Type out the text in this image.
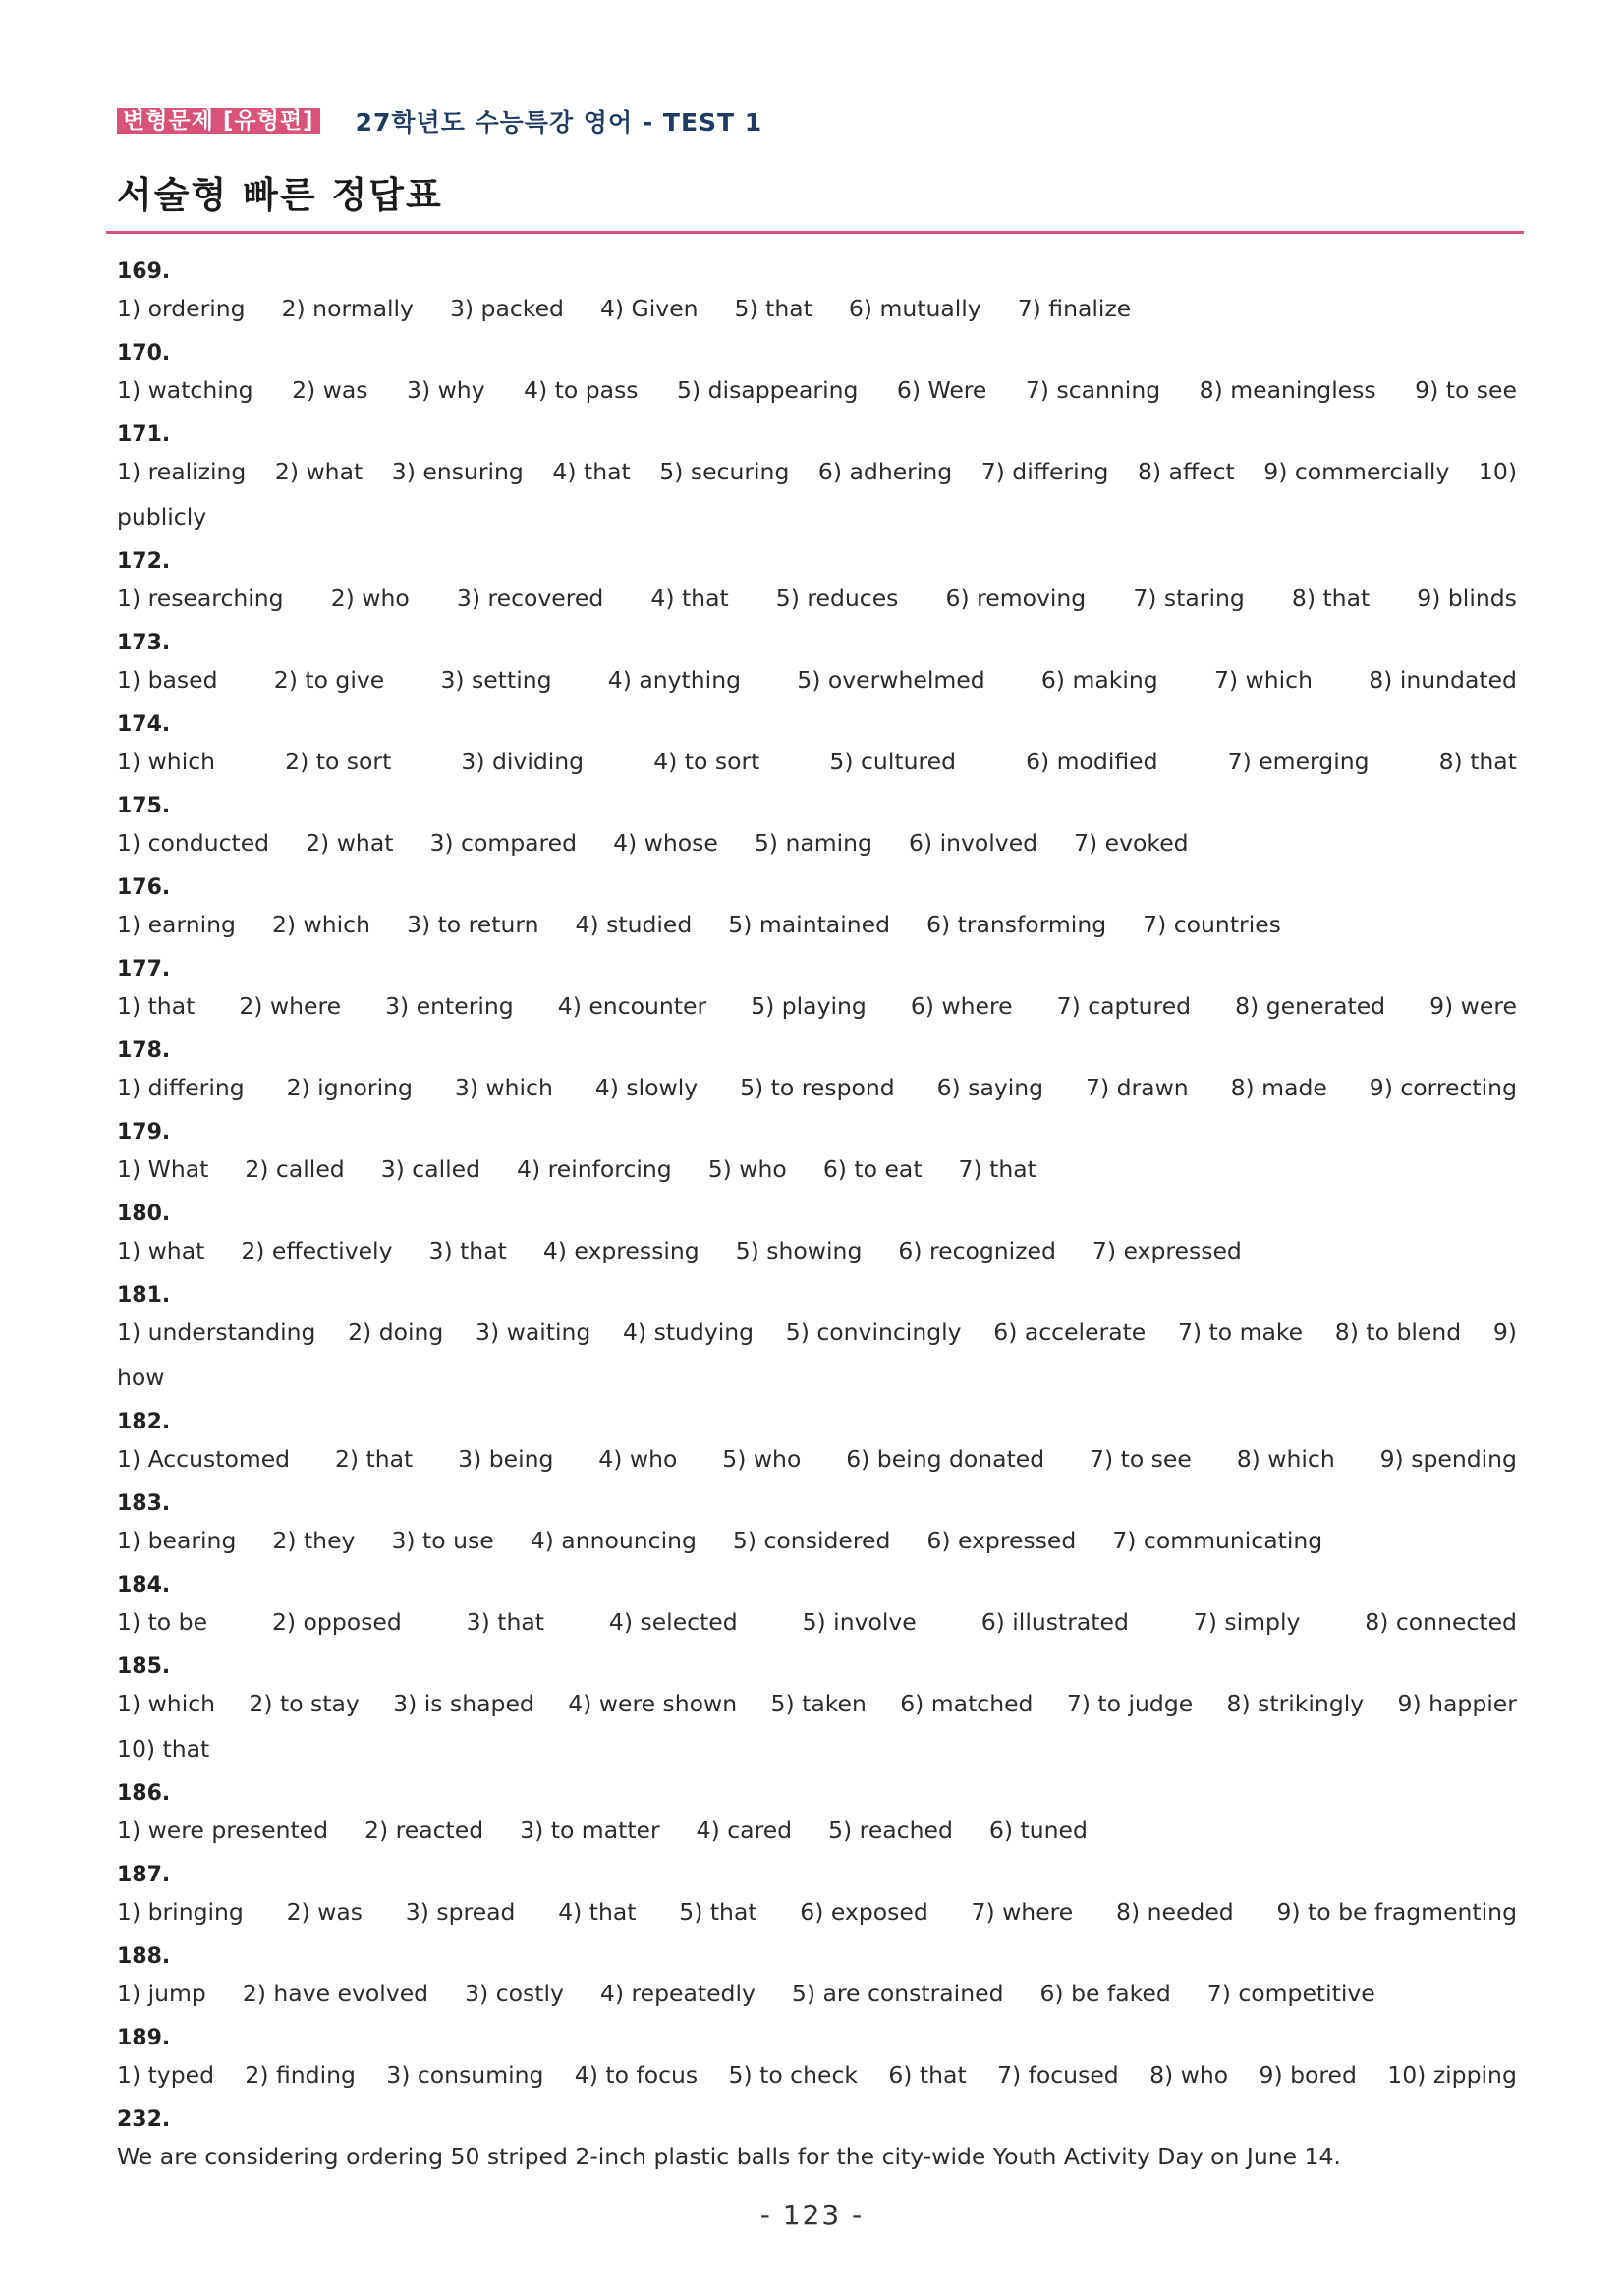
변형문제 [유형편] 27학년도 수능특강 영어 - TEST 1
서술형 빠른 정답표
169.
1) ordering 2) normally 3) packed 4) Given 5) that 6) mutually 7) finalize
170.
1) watching 2) was 3) why 4) to pass 5) disappearing 6) Were 7) scanning 8) meaningless 9) to see
171.
1) realizing 2) what 3) ensuring 4) that 5) securing 6) adhering 7) differing 8) affect 9) commercially 10)
publicly
172.
1) researching 2) who 3) recovered 4) that 5) reduces 6) removing 7) staring 8) that 9) blinds
173.
1) based 2) to give 3) setting 4) anything 5) overwhelmed 6) making 7) which 8) inundated
174.
1) which	2) to sort	3) dividing	4) to sort	5) cultured	6) modified	7) emerging	8) that
175.
1) conducted 2) what 3) compared 4) whose 5) naming 6) involved 7) evoked
176.
1) earning 2) which 3) to return 4) studied 5) maintained 6) transforming 7) countries
177.
1) that 2) where 3) entering 4) encounter 5) playing 6) where 7) captured 8) generated 9) were
178.
1) differing 2) ignoring 3) which 4) slowly 5) to respond 6) saying 7) drawn 8) made 9) correcting
179.
1) What 2) called 3) called 4) reinforcing 5) who 6) to eat 7) that
180.
1) what 2) effectively 3) that 4) expressing 5) showing 6) recognized 7) expressed
181.
1) understanding 2) doing 3) waiting 4) studying 5) convincingly 6) accelerate 7) to make 8) to blend 9)
how
182.
1) Accustomed 2) that 3) being 4) who 5) who 6) being donated 7) to see 8) which 9) spending
183.
1) bearing 2) they 3) to use 4) announcing 5) considered 6) expressed 7) communicating
184.
1) to be	2) opposed	3) that	4) selected	5) involve	6) illustrated	7) simply	8) connected
185.
1) which 2) to stay 3) is shaped 4) were shown 5) taken 6) matched 7) to judge 8) strikingly 9) happier
10) that
186.
1) were presented 2) reacted 3) to matter 4) cared 5) reached 6) tuned
187.
1) bringing 2) was 3) spread 4) that 5) that 6) exposed 7) where 8) needed 9) to be fragmenting
188.
1) jump 2) have evolved 3) costly 4) repeatedly 5) are constrained 6) be faked 7) competitive
189.
1) typed 2) finding 3) consuming 4) to focus 5) to check 6) that 7) focused 8) who 9) bored 10) zipping
232.
We are considering ordering 50 striped 2-inch plastic balls for the city-wide Youth Activity Day on June 14.
- 123 -
